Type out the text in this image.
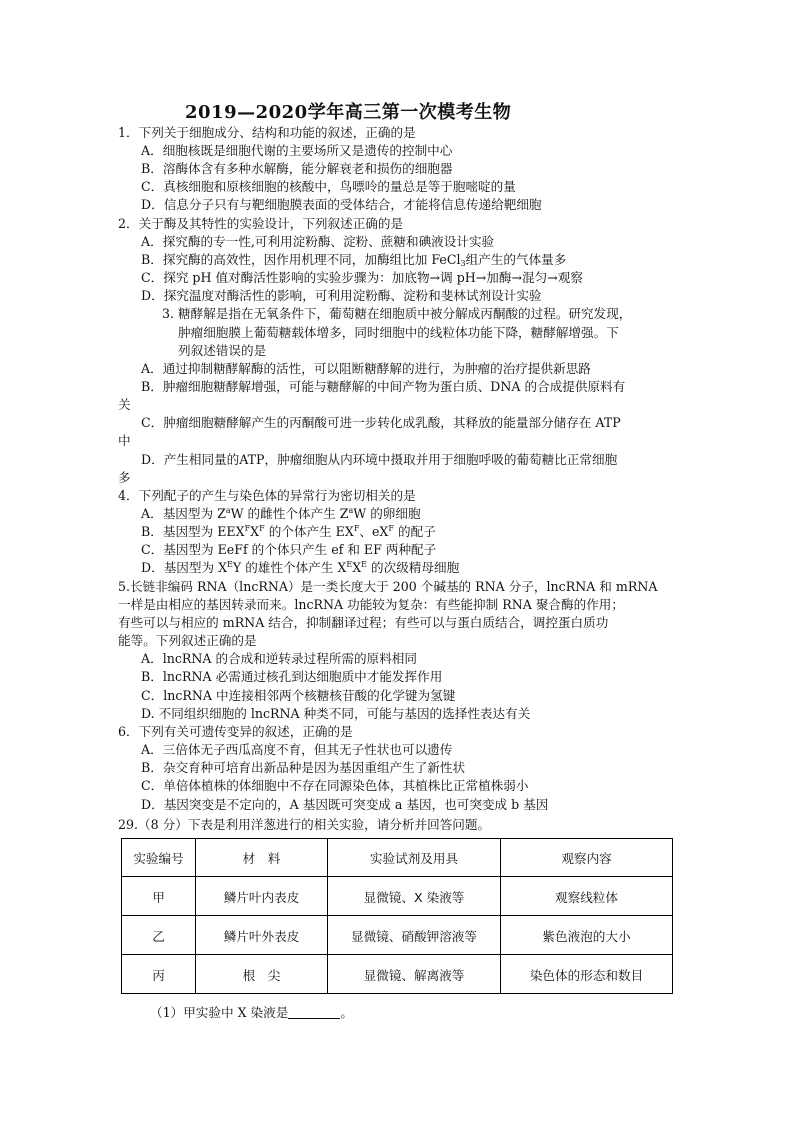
2019—2020学年高三第一次模考生物
1．下列关于细胞成分、结构和功能的叙述，正确的是
A．细胞核既是细胞代谢的主要场所又是遗传的控制中心
B．溶酶体含有多种水解酶，能分解衰老和损伤的细胞器
C．真核细胞和原核细胞的核酸中，鸟嘌呤的量总是等于胞嘧啶的量
D．信息分子只有与靶细胞膜表面的受体结合，才能将信息传递给靶细胞
2．关于酶及其特性的实验设计，下列叙述正确的是
A．探究酶的专一性,可利用淀粉酶、淀粉、蔗糖和碘液设计实验
B．探究酶的高效性，因作用机理不同，加酶组比加 FeCl$_3$组产生的气体量多
C．探究 pH 值对酶活性影响的实验步骤为：加底物→调 pH→加酶→混匀→观察
D．探究温度对酶活性的影响，可利用淀粉酶、淀粉和斐林试剂设计实验
3. 糖酵解是指在无氧条件下，葡萄糖在细胞质中被分解成丙酮酸的过程。研究发现，
肿瘤细胞膜上葡萄糖载体增多，同时细胞中的线粒体功能下降，糖酵解增强。下
列叙述错误的是
A．通过抑制糖酵解酶的活性，可以阻断糖酵解的进行，为肿瘤的治疗提供新思路
B．肿瘤细胞糖酵解增强，可能与糖酵解的中间产物为蛋白质、DNA 的合成提供原料有
关
C．肿瘤细胞糖酵解产生的丙酮酸可进一步转化成乳酸，其释放的能量部分储存在 ATP
中
D．产生相同量的ATP，肿瘤细胞从内环境中摄取并用于细胞呼吸的葡萄糖比正常细胞
多
4．下列配子的产生与染色体的异常行为密切相关的是
A．基因型为 $Z^aW$ 的雌性个体产生 $Z^aW$ 的卵细胞
B．基因型为 $EEX^FX^F$ 的个体产生 $EX^F$、$eX^F$ 的配子
C．基因型为 EeFf 的个体只产生 ef 和 EF 两种配子
D．基因型为 $X^EY$ 的雄性个体产生 $X^EX^E$ 的次级精母细胞
5.长链非编码 RNA（lncRNA）是一类长度大于 200 个碱基的 RNA 分子，lncRNA 和 mRNA
一样是由相应的基因转录而来。lncRNA 功能较为复杂：有些能抑制 RNA 聚合酶的作用；
有些可以与相应的 mRNA 结合，抑制翻译过程；有些可以与蛋白质结合，调控蛋白质功
能等。下列叙述正确的是
A．lncRNA 的合成和逆转录过程所需的原料相同
B．lncRNA 必需通过核孔到达细胞质中才能发挥作用
C．lncRNA 中连接相邻两个核糖核苷酸的化学键为氢键
D. 不同组织细胞的 lncRNA 种类不同，可能与基因的选择性表达有关
6．下列有关可遗传变异的叙述，正确的是
A．三倍体无子西瓜高度不育，但其无子性状也可以遗传
B．杂交育种可培育出新品种是因为基因重组产生了新性状
C．单倍体植株的体细胞中不存在同源染色体，其植株比正常植株弱小
D．基因突变是不定向的，A 基因既可突变成 a 基因，也可突变成 b 基因
29.（8 分）下表是利用洋葱进行的相关实验，请分析并回答问题。
实验编号	材　料	实验试剂及用具	观察内容
甲	鳞片叶内表皮	显微镜、X 染液等	观察线粒体
乙	鳞片叶外表皮	显微镜、硝酸钾溶液等	紫色液泡的大小
丙	根　尖	显微镜、解离液等	染色体的形态和数目
（1）甲实验中 X 染液是	。
